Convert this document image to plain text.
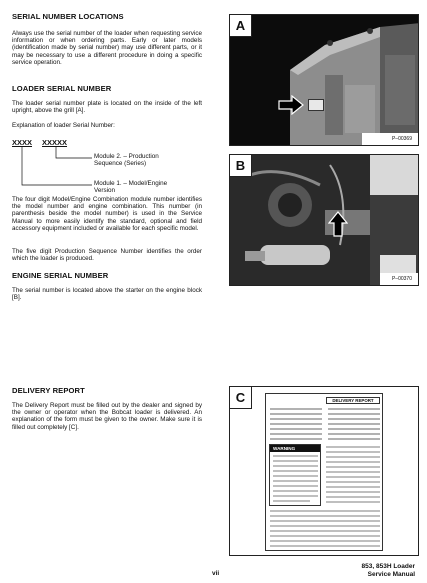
SERIAL NUMBER LOCATIONS
Always use the serial number of the loader when requesting service information or when ordering parts. Early or later models (identification made by serial number) may use different parts, or it may be necessary to use a different procedure in doing a specific service operation.
LOADER SERIAL NUMBER
The loader serial number plate is located on the inside of the left upright, above the grill [A].
Explanation of loader Serial Number:
XXXX XXXXX
Module 2. – Production
Sequence (Series)
Module 1. – Model/Engine
Version
The four digit Model/Engine Combination module number identifies the model number and engine combination. This number (in parenthesis beside the model number) is used in the Service Manual to more easily identify the standard, optional and field accessory equipment included or available for each specific model.
The five digit Production Sequence Number identifies the order which the loader is produced.
ENGINE SERIAL NUMBER
The serial number is located above the starter on the engine block [B].
DELIVERY REPORT
The Delivery Report must be filled out by the dealer and signed by the owner or operator when the Bobcat loader is delivered. An explanation of the form must be given to the owner. Make sure it is filled out completely [C].
A
P–00369
B
P–00370
C	DELIVERY REPORT
WARNING
vii
853, 853H Loader
Service Manual
